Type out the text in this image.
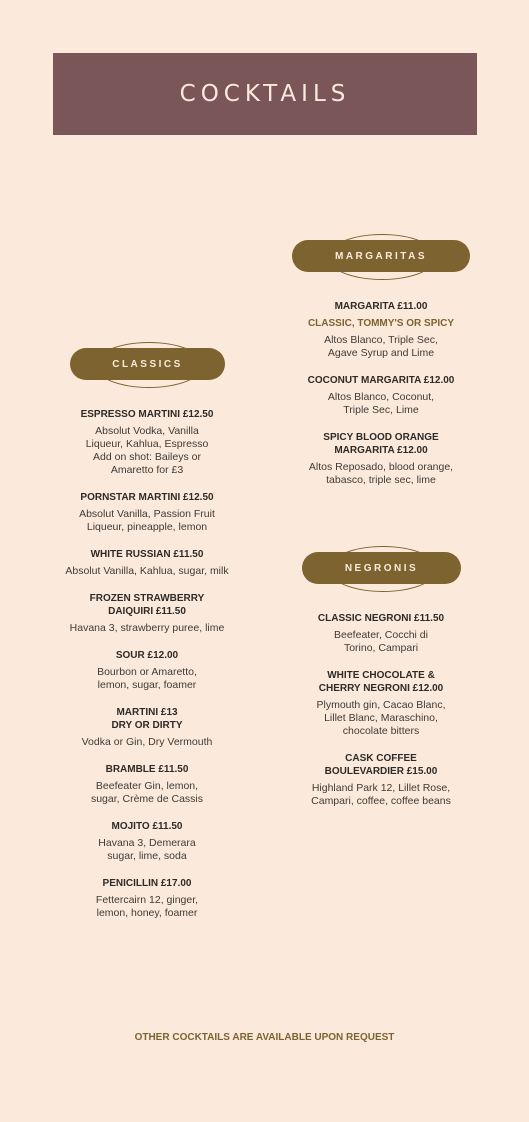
COCKTAILS
MARGARITAS
MARGARITA £11.00
CLASSIC, TOMMY'S OR SPICY
Altos Blanco, Triple Sec,
Agave Syrup and Lime
COCONUT MARGARITA £12.00
Altos Blanco, Coconut,
Triple Sec, Lime
SPICY BLOOD ORANGE
MARGARITA £12.00
Altos Reposado, blood orange,
tabasco, triple sec, lime
CLASSICS
ESPRESSO MARTINI £12.50
Absolut Vodka, Vanilla
Liqueur, Kahlua, Espresso
Add on shot: Baileys or
Amaretto for £3
PORNSTAR MARTINI £12.50
Absolut Vanilla, Passion Fruit
Liqueur, pineapple, lemon
WHITE RUSSIAN £11.50
Absolut Vanilla, Kahlua, sugar, milk
FROZEN STRAWBERRY
DAIQUIRI £11.50
Havana 3, strawberry puree, lime
SOUR £12.00
Bourbon or Amaretto,
lemon, sugar, foamer
MARTINI £13
DRY OR DIRTY
Vodka or Gin, Dry Vermouth
BRAMBLE £11.50
Beefeater Gin, lemon,
sugar, Crème de Cassis
MOJITO £11.50
Havana 3, Demerara
sugar, lime, soda
PENICILLIN £17.00
Fettercairn 12, ginger,
lemon, honey, foamer
NEGRONIS
CLASSIC NEGRONI £11.50
Beefeater, Cocchi di
Torino, Campari
WHITE CHOCOLATE &
CHERRY NEGRONI £12.00
Plymouth gin, Cacao Blanc,
Lillet Blanc, Maraschino,
chocolate bitters
CASK COFFEE
BOULEVARDIER £15.00
Highland Park 12, Lillet Rose,
Campari, coffee, coffee beans
OTHER COCKTAILS ARE AVAILABLE UPON REQUEST
